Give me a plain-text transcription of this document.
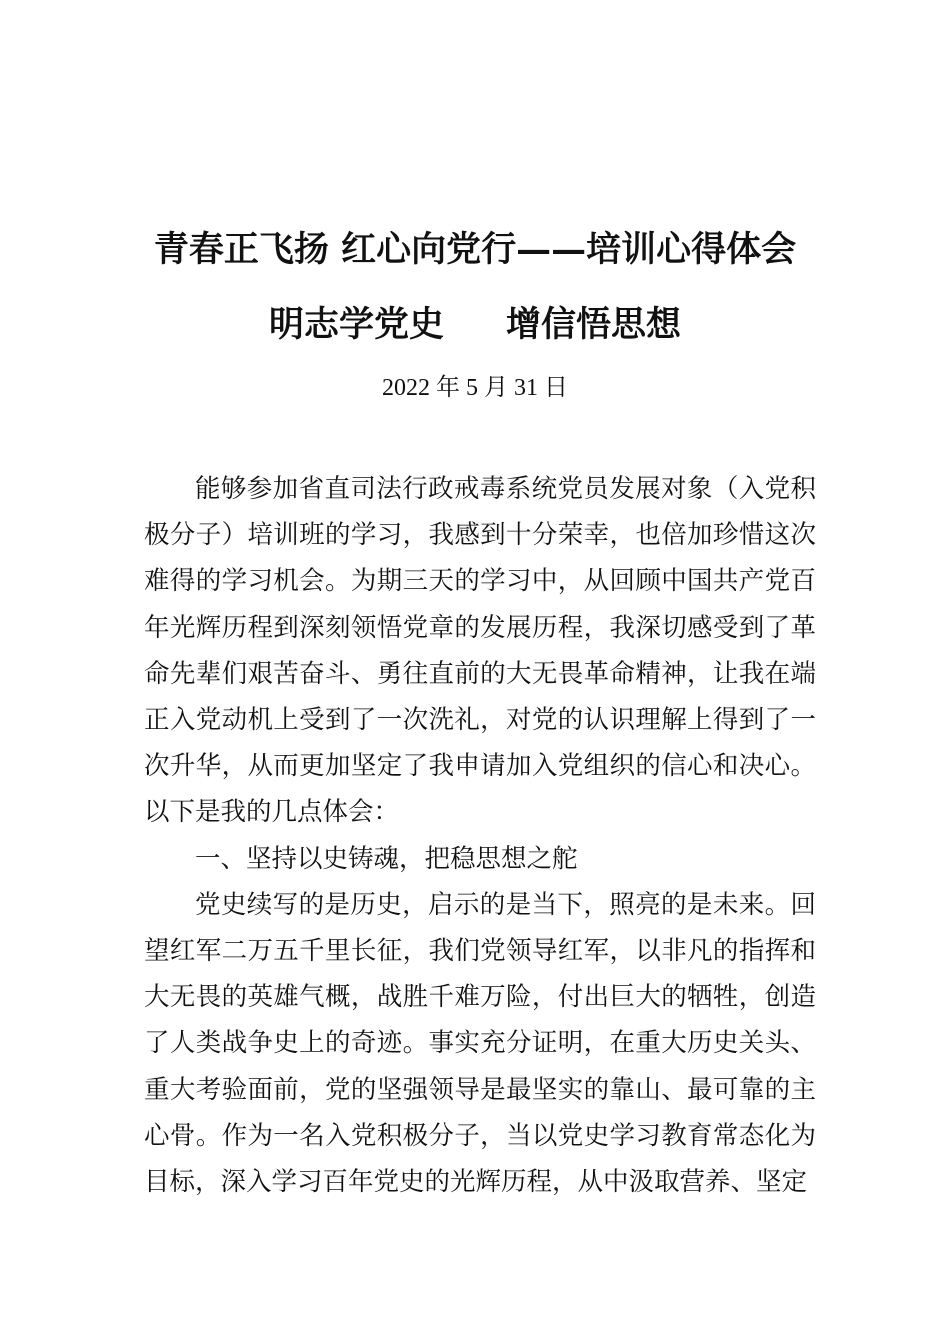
青春正飞扬 红心向党行——培训心得体会
明志学党史 增信悟思想
2022 年 5 月 31 日

能够参加省直司法行政戒毒系统党员发展对象（入党积极分子）培训班的学习，我感到十分荣幸，也倍加珍惜这次难得的学习机会。为期三天的学习中，从回顾中国共产党百年光辉历程到深刻领悟党章的发展历程，我深切感受到了革命先辈们艰苦奋斗、勇往直前的大无畏革命精神，让我在端正入党动机上受到了一次洗礼，对党的认识理解上得到了一次升华，从而更加坚定了我申请加入党组织的信心和决心。 以下是我的几点体会：

一、坚持以史铸魂，把稳思想之舵

党史续写的是历史，启示的是当下，照亮的是未来。回望红军二万五千里长征，我们党领导红军，以非凡的指挥和大无畏的英雄气概，战胜千难万险，付出巨大的牺牲，创造了人类战争史上的奇迹。事实充分证明，在重大历史关头、 重大考验面前，党的坚强领导是最坚实的靠山、最可靠的主心骨。作为一名入党积极分子，当以党史学习教育常态化为目标，深入学习百年党史的光辉历程，从中汲取营养、坚定
